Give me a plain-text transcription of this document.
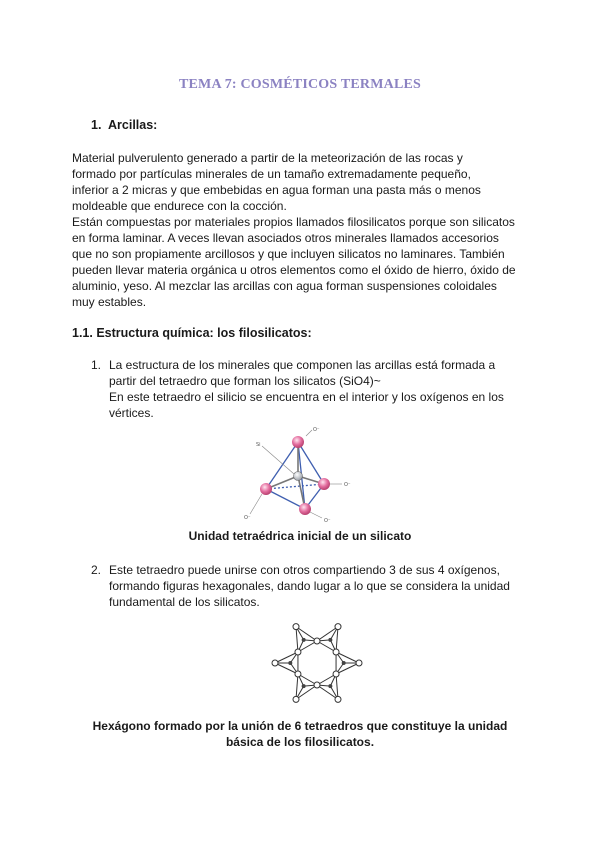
TEMA 7: COSMÉTICOS TERMALES
1. Arcillas:

Material pulverulento generado a partir de la meteorización de las rocas y
formado por partículas minerales de un tamaño extremadamente pequeño,
inferior a 2 micras y que embebidas en agua forman una pasta más o menos
moldeable que endurece con la cocción.
Están compuestas por materiales propios llamados filosilicatos porque son silicatos
en forma laminar. A veces llevan asociados otros minerales llamados accesorios
que no son propiamente arcillosos y que incluyen silicatos no laminares. También
pueden llevar materia orgánica u otros elementos como el óxido de hierro, óxido de
aluminio, yeso. Al mezclar las arcillas con agua forman suspensiones coloidales
muy estables.

1.1. Estructura química: los filosilicatos:
1. La estructura de los minerales que componen las arcillas está formada a
partir del tetraedro que forman los silicatos (SiO4)~
En este tetraedro el silicio se encuentra en el interior y los oxígenos en los
vértices.
Si
O⁻
O⁻
O⁻	O⁻

Unidad tetraédrica inicial de un silicato

2. Este tetraedro puede unirse con otros compartiendo 3 de sus 4 oxígenos,
formando figuras hexagonales, dando lugar a lo que se considera la unidad
fundamental de los silicatos.

Hexágono formado por la unión de 6 tetraedros que constituye la unidad
básica de los filosilicatos.
